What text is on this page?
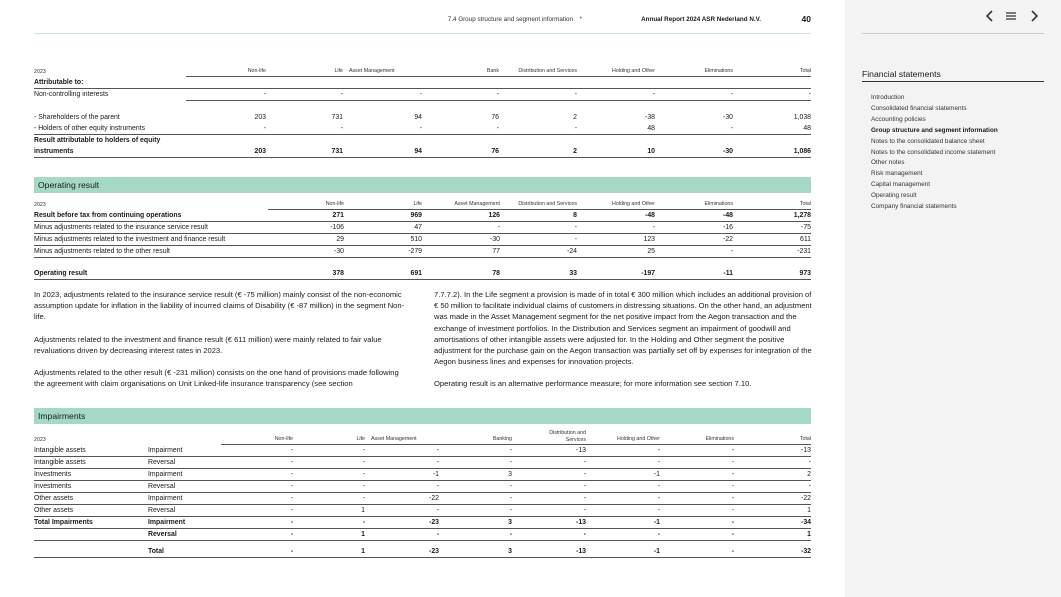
7.4 Group structure and segment information •	Annual Report 2024 ASR Nederland N.V.	40
2023	Non-life	Life	Asset Management	Bank	Distribution and Services	Holding and Other	Eliminations	Total
Attributable to:								
Non-controlling interests	-	-	-	-	-	-	-	-

- Shareholders of the parent	203	731	94	76	2	-38	-30	1,038
- Holders of other equity instruments	-	-	-	-	-	48	-	48
Result attributable to holders of equity								
instruments	203	731	94	76	2	10	-30	1,086
Operating result
2023	Non-life	Life	Asset Management	Distribution and Services	Holding and Other	Eliminations	Total
Result before tax from continuing operations	271	969	126	8	-48	-48	1,278
Minus adjustments related to the insurance service result	-106	47	-	-	-	-16	-75
Minus adjustments related to the investment and finance result	29	510	-30	-	123	-22	611
Minus adjustments related to the other result	-30	-279	77	-24	25	-	-231

Operating result	378	691	78	33	-197	-11	973
In 2023, adjustments related to the insurance service result (€ -75 million) mainly consist of the non-economic assumption update for inflation in the liability of incurred claims of Disability (€ -87 million) in the segment Non-life.
Adjustments related to the investment and finance result (€ 611 million) were mainly related to fair value revaluations driven by decreasing interest rates in 2023.
Adjustments related to the other result (€ -231 million) consists on the one hand of provisions made following the agreement with claim organisations on Unit Linked-life insurance transparency (see section
7.7.7.2). In the Life segment a provision is made of in total € 300 million which includes an additional provision of € 50 million to facilitate individual claims of customers in distressing situations. On the other hand, an adjustment was made in the Asset Management segment for the net positive impact from the Aegon transaction and the exchange of investment portfolios. In the Distribution and Services segment an impairment of goodwill and amortisations of other intangible assets were adjusted for. In the Holding and Other segment the positive adjustment for the purchase gain on the Aegon transaction was partially set off by expenses for integration of the Aegon business lines and expenses for innovation projects.
Operating result is an alternative performance measure; for more information see section 7.10.
Impairments
2023		Non-life	Life	Asset Management	Banking	Distribution and Services	Holding and Other	Eliminations	Total
Intangible assets	Impairment	-	-	-	-	-13	-	-	-13
Intangible assets	Reversal	-	-	-	-	-	-	-	-
Investments	Impairment	-	-	-1	3	-	-1	-	2
Investments	Reversal	-	-	-	-	-	-	-	-
Other assets	Impairment	-	-	-22	-	-	-	-	-22
Other assets	Reversal	-	1	-	-	-	-	-	1
Total Impairments	Impairment	-	-	-23	3	-13	-1	-	-34
	Reversal	-	1	-	-	-	-	-	1

	Total	-	1	-23	3	-13	-1	-	-32
Financial statements
Introduction
Consolidated financial statements
Accounting policies
Group structure and segment information
Notes to the consolidated balance sheet
Notes to the consolidated income statement
Other notes
Risk management
Capital management
Operating result
Company financial statements
